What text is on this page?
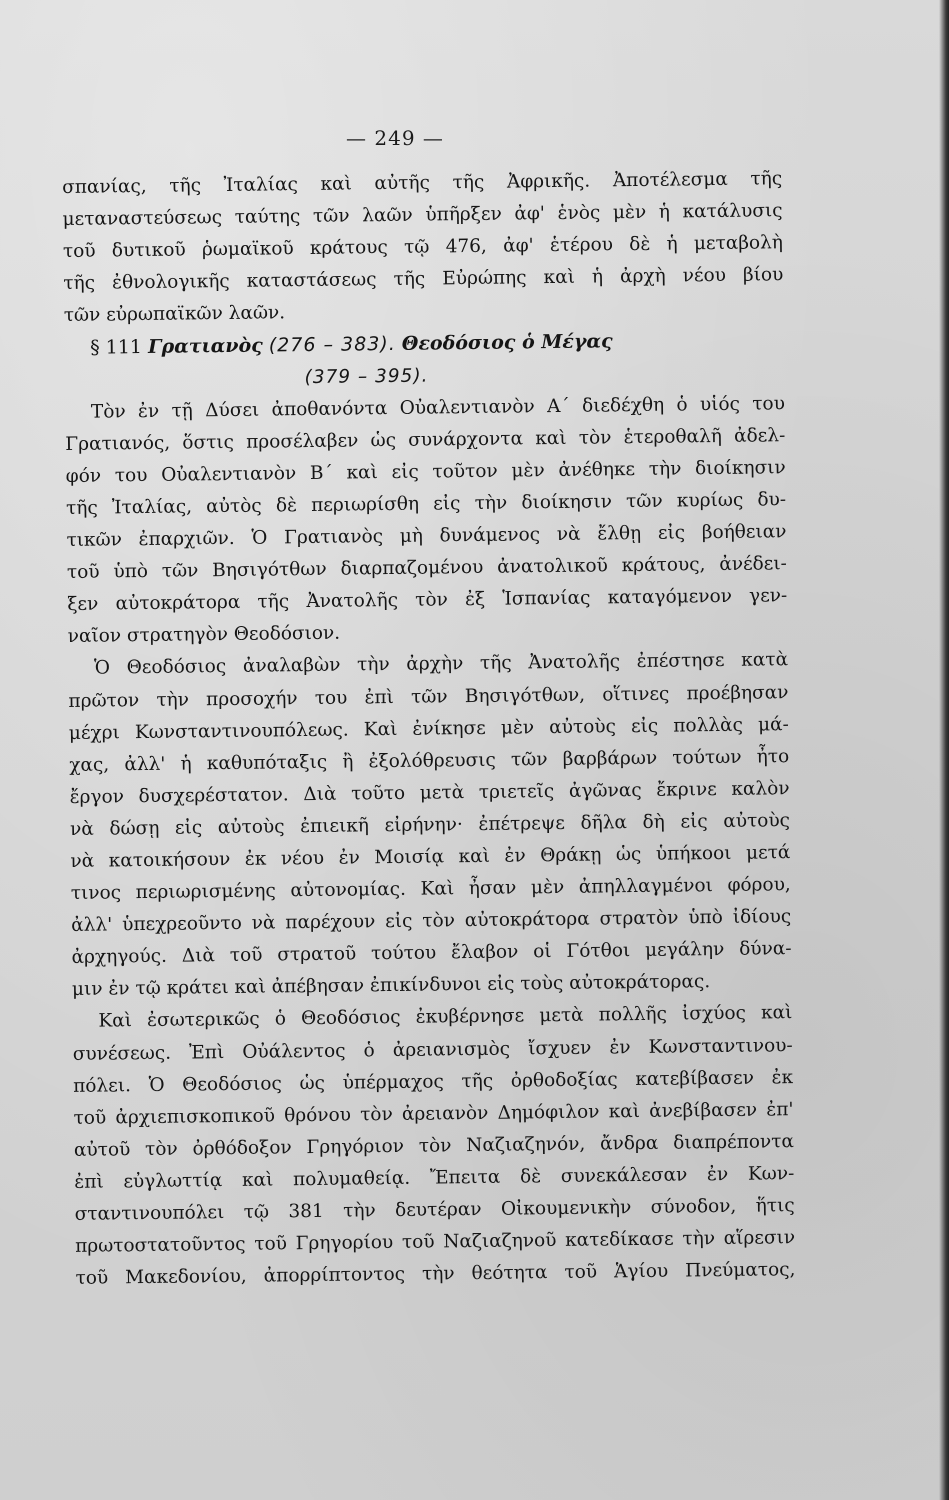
— 249 —
σπανίας, τῆς Ἰταλίας καὶ αὐτῆς τῆς Ἀφρικῆς. Ἀποτέλεσμα τῆς
μεταναστεύσεως ταύτης τῶν λαῶν ὑπῆρξεν ἀφ' ἑνὸς μὲν ἡ κατάλυσις
τοῦ δυτικοῦ ῥωμαϊκοῦ κράτους τῷ 476, ἀφ' ἑτέρου δὲ ἡ μεταβολὴ
τῆς ἐθνολογικῆς καταστάσεως τῆς Εὐρώπης καὶ ἡ ἀρχὴ νέου βίου
τῶν εὐρωπαϊκῶν λαῶν.
§ 111 Γρατιανὸς (276 – 383). Θεοδόσιος ὁ Μέγας
(379 – 395).
Τὸν ἐν τῇ Δύσει ἀποθανόντα Οὐαλεντιανὸν Α΄ διεδέχθη ὁ υἱός του
Γρατιανός, ὅστις προσέλαβεν ὡς συνάρχοντα καὶ τὸν ἑτεροθαλῆ ἀδελ-
φόν του Οὐαλεντιανὸν Β΄ καὶ εἰς τοῦτον μὲν ἀνέθηκε τὴν διοίκησιν
τῆς Ἰταλίας, αὐτὸς δὲ περιωρίσθη εἰς τὴν διοίκησιν τῶν κυρίως δυ-
τικῶν ἐπαρχιῶν. Ὁ Γρατιανὸς μὴ δυνάμενος νὰ ἔλθῃ εἰς βοήθειαν
τοῦ ὑπὸ τῶν Βησιγότθων διαρπαζομένου ἀνατολικοῦ κράτους, ἀνέδει-
ξεν αὐτοκράτορα τῆς Ἀνατολῆς τὸν ἐξ Ἱσπανίας καταγόμενον γεν-
ναῖον στρατηγὸν Θεοδόσιον.
Ὁ Θεοδόσιος ἀναλαβὼν τὴν ἀρχὴν τῆς Ἀνατολῆς ἐπέστησε κατὰ
πρῶτον τὴν προσοχήν του ἐπὶ τῶν Βησιγότθων, οἵτινες προέβησαν
μέχρι Κωνσταντινουπόλεως. Καὶ ἐνίκησε μὲν αὐτοὺς εἰς πολλὰς μά-
χας, ἀλλ' ἡ καθυπόταξις ἢ ἐξολόθρευσις τῶν βαρβάρων τούτων ἦτο
ἔργον δυσχερέστατον. Διὰ τοῦτο μετὰ τριετεῖς ἀγῶνας ἔκρινε καλὸν
νὰ δώσῃ εἰς αὐτοὺς ἐπιεικῆ εἰρήνην· ἐπέτρεψε δῆλα δὴ εἰς αὐτοὺς
νὰ κατοικήσουν ἐκ νέου ἐν Μοισίᾳ καὶ ἐν Θράκῃ ὡς ὑπήκοοι μετά
τινος περιωρισμένης αὐτονομίας. Καὶ ἦσαν μὲν ἀπηλλαγμένοι φόρου,
ἀλλ' ὑπεχρεοῦντο νὰ παρέχουν εἰς τὸν αὐτοκράτορα στρατὸν ὑπὸ ἰδίους
ἀρχηγούς. Διὰ τοῦ στρατοῦ τούτου ἔλαβον οἱ Γότθοι μεγάλην δύνα-
μιν ἐν τῷ κράτει καὶ ἀπέβησαν ἐπικίνδυνοι εἰς τοὺς αὐτοκράτορας.
Καὶ ἐσωτερικῶς ὁ Θεοδόσιος ἐκυβέρνησε μετὰ πολλῆς ἰσχύος καὶ
συνέσεως. Ἐπὶ Οὐάλεντος ὁ ἀρειανισμὸς ἴσχυεν ἐν Κωνσταντινου-
πόλει. Ὁ Θεοδόσιος ὡς ὑπέρμαχος τῆς ὀρθοδοξίας κατεβίβασεν ἐκ
τοῦ ἀρχιεπισκοπικοῦ θρόνου τὸν ἀρειανὸν Δημόφιλον καὶ ἀνεβίβασεν ἐπ'
αὐτοῦ τὸν ὀρθόδοξον Γρηγόριον τὸν Ναζιαζηνόν, ἄνδρα διαπρέποντα
ἐπὶ εὐγλωττίᾳ καὶ πολυμαθείᾳ. Ἔπειτα δὲ συνεκάλεσαν ἐν Κων-
σταντινουπόλει τῷ 381 τὴν δευτέραν Οἰκουμενικὴν σύνοδον, ἥτις
πρωτοστατοῦντος τοῦ Γρηγορίου τοῦ Ναζιαζηνοῦ κατεδίκασε τὴν αἵρεσιν
τοῦ Μακεδονίου, ἀπορρίπτοντος τὴν θεότητα τοῦ Ἁγίου Πνεύματος,
